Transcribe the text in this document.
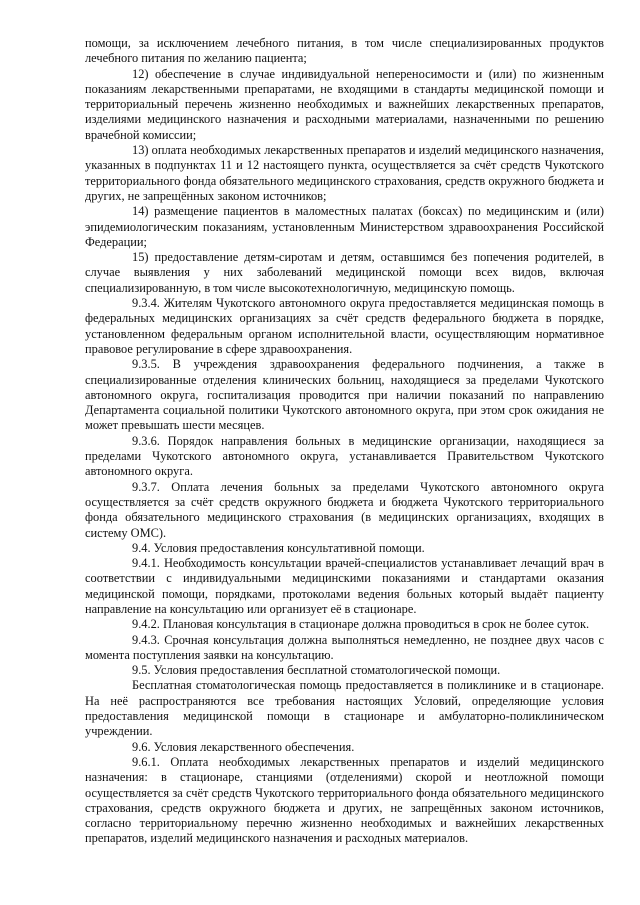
помощи, за исключением лечебного питания, в том числе специализированных продуктов лечебного питания по желанию пациента;

12) обеспечение в случае индивидуальной непереносимости и (или) по жизненным показаниям лекарственными препаратами, не входящими в стандарты медицинской помощи и территориальный перечень жизненно необходимых и важнейших лекарственных препаратов, изделиями медицинского назначения и расходными материалами, назначенными по решению врачебной комиссии;

13) оплата необходимых лекарственных препаратов и изделий медицинского назначения, указанных в подпунктах 11 и 12 настоящего пункта, осуществляется за счёт средств Чукотского территориального фонда обязательного медицинского страхования, средств окружного бюджета и других, не запрещённых законом источников;

14) размещение пациентов в маломестных палатах (боксах) по медицинским и (или) эпидемиологическим показаниям, установленным Министерством здравоохранения Российской Федерации;

15) предоставление детям-сиротам и детям, оставшимся без попечения родителей, в случае выявления у них заболеваний медицинской помощи всех видов, включая специализированную, в том числе высокотехнологичную, медицинскую помощь.

9.3.4. Жителям Чукотского автономного округа предоставляется медицинская помощь в федеральных медицинских организациях за счёт средств федерального бюджета в порядке, установленном федеральным органом исполнительной власти, осуществляющим нормативное правовое регулирование в сфере здравоохранения.

9.3.5. В учреждения здравоохранения федерального подчинения, а также в специализированные отделения клинических больниц, находящиеся за пределами Чукотского автономного округа, госпитализация проводится при наличии показаний по направлению Департамента социальной политики Чукотского автономного округа, при этом срок ожидания не может превышать шести месяцев.

9.3.6. Порядок направления больных в медицинские организации, находящиеся за пределами Чукотского автономного округа, устанавливается Правительством Чукотского автономного округа.

9.3.7. Оплата лечения больных за пределами Чукотского автономного округа осуществляется за счёт средств окружного бюджета и бюджета Чукотского территориального фонда обязательного медицинского страхования (в медицинских организациях, входящих в систему ОМС).

9.4. Условия предоставления консультативной помощи.

9.4.1. Необходимость консультации врачей-специалистов устанавливает лечащий врач в соответствии с индивидуальными медицинскими показаниями и стандартами оказания медицинской помощи, порядками, протоколами ведения больных который выдаёт пациенту направление на консультацию или организует её в стационаре.

9.4.2. Плановая консультация в стационаре должна проводиться в срок не более суток.

9.4.3. Срочная консультация должна выполняться немедленно, не позднее двух часов с момента поступления заявки на консультацию.

9.5. Условия предоставления бесплатной стоматологической помощи.

Бесплатная стоматологическая помощь предоставляется в поликлинике и в стационаре. На неё распространяются все требования настоящих Условий, определяющие условия предоставления медицинской помощи в стационаре и амбулаторно-поликлиническом учреждении.

9.6. Условия лекарственного обеспечения.

9.6.1. Оплата необходимых лекарственных препаратов и изделий медицинского назначения: в стационаре, станциями (отделениями) скорой и неотложной помощи осуществляется за счёт средств Чукотского территориального фонда обязательного медицинского страхования, средств окружного бюджета и других, не запрещённых законом источников, согласно территориальному перечню жизненно необходимых и важнейших лекарственных препаратов, изделий медицинского назначения и расходных материалов.
